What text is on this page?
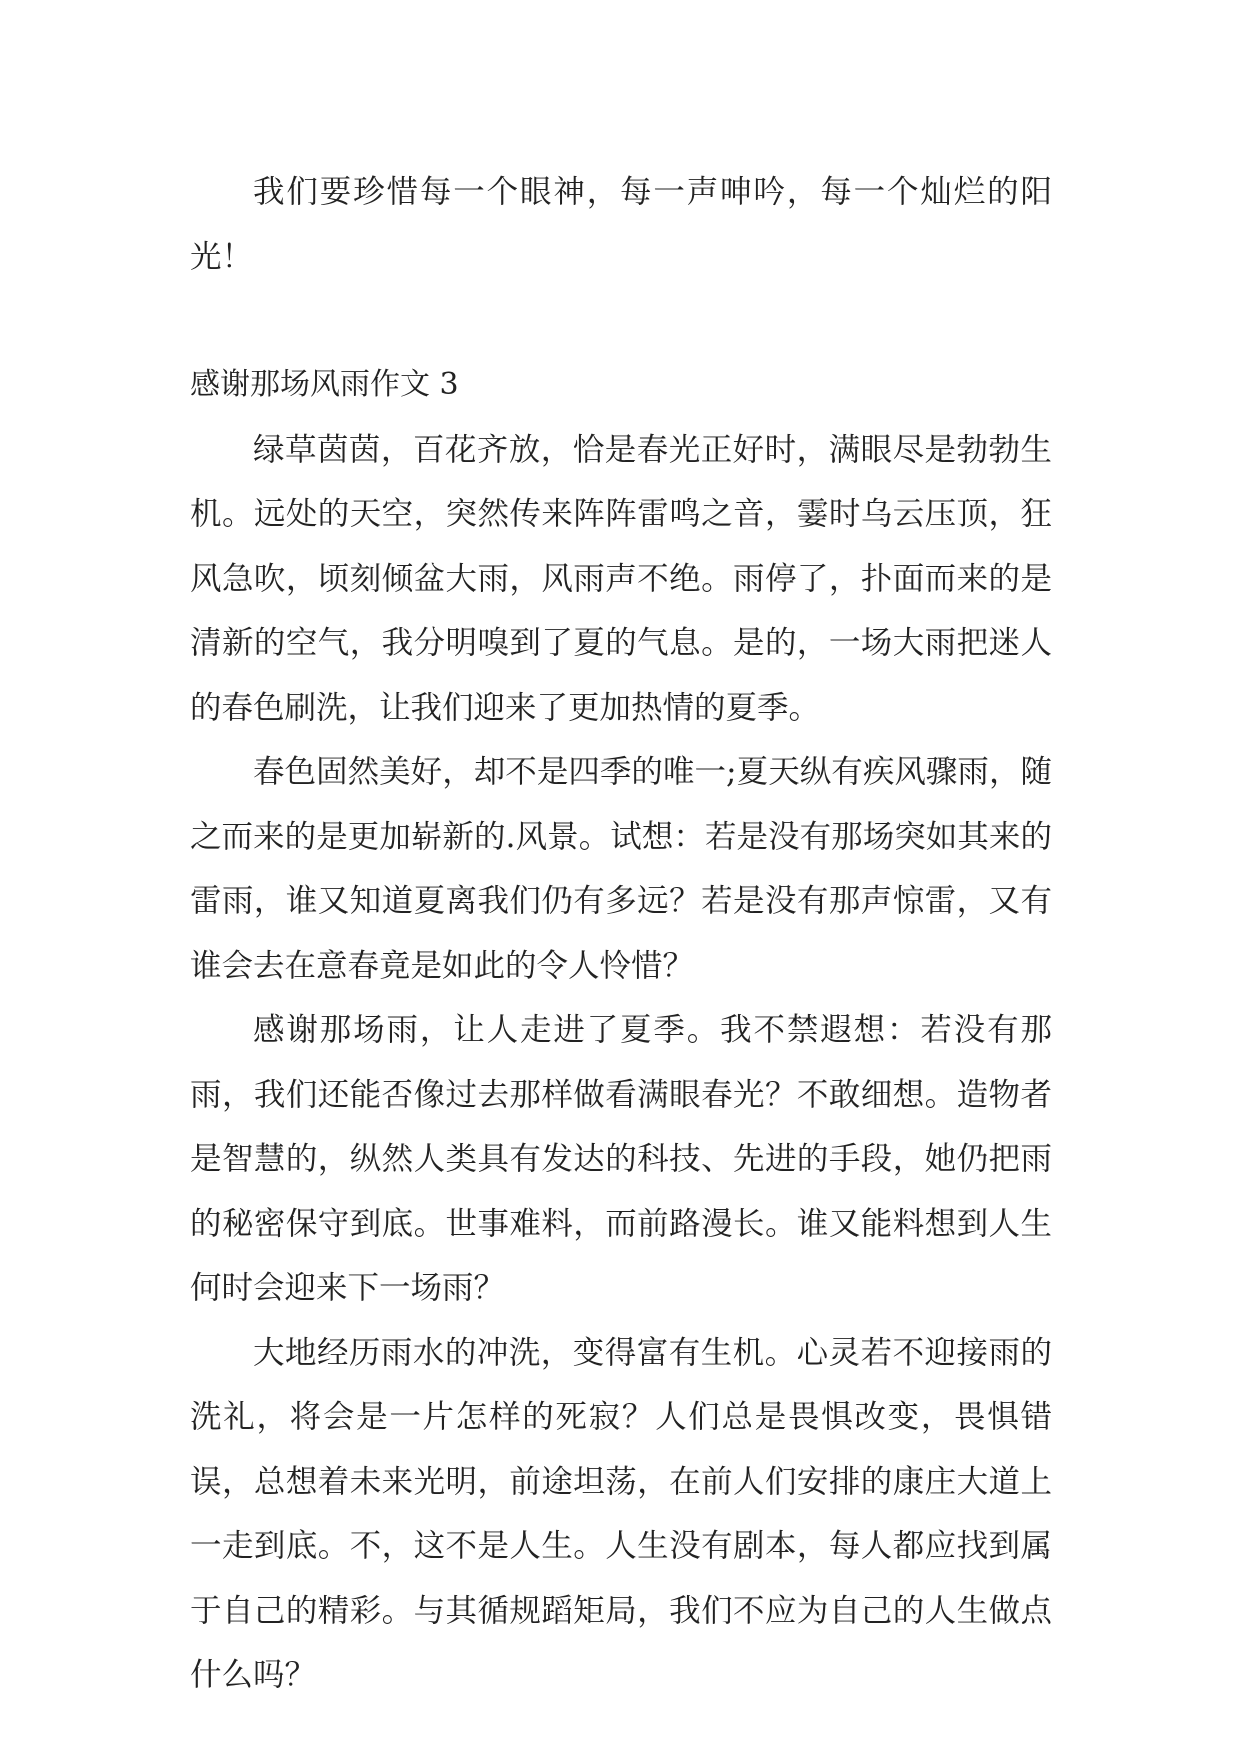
我们要珍惜每一个眼神，每一声呻吟，每一个灿烂的阳光！

感谢那场风雨作文 3

绿草茵茵，百花齐放，恰是春光正好时，满眼尽是勃勃生机。远处的天空，突然传来阵阵雷鸣之音，霎时乌云压顶，狂风急吹，顷刻倾盆大雨，风雨声不绝。雨停了，扑面而来的是清新的空气，我分明嗅到了夏的气息。是的，一场大雨把迷人的春色刷洗，让我们迎来了更加热情的夏季。

春色固然美好，却不是四季的唯一;夏天纵有疾风骤雨，随之而来的是更加崭新的.风景。试想：若是没有那场突如其来的雷雨，谁又知道夏离我们仍有多远？若是没有那声惊雷，又有谁会去在意春竟是如此的令人怜惜？

感谢那场雨，让人走进了夏季。我不禁遐想：若没有那雨，我们还能否像过去那样做看满眼春光？不敢细想。造物者是智慧的，纵然人类具有发达的科技、先进的手段，她仍把雨的秘密保守到底。世事难料，而前路漫长。谁又能料想到人生何时会迎来下一场雨？

大地经历雨水的冲洗，变得富有生机。心灵若不迎接雨的洗礼，将会是一片怎样的死寂？人们总是畏惧改变，畏惧错误，总想着未来光明，前途坦荡，在前人们安排的康庄大道上一走到底。不，这不是人生。人生没有剧本，每人都应找到属于自己的精彩。与其循规蹈矩局，我们不应为自己的人生做点什么吗？
